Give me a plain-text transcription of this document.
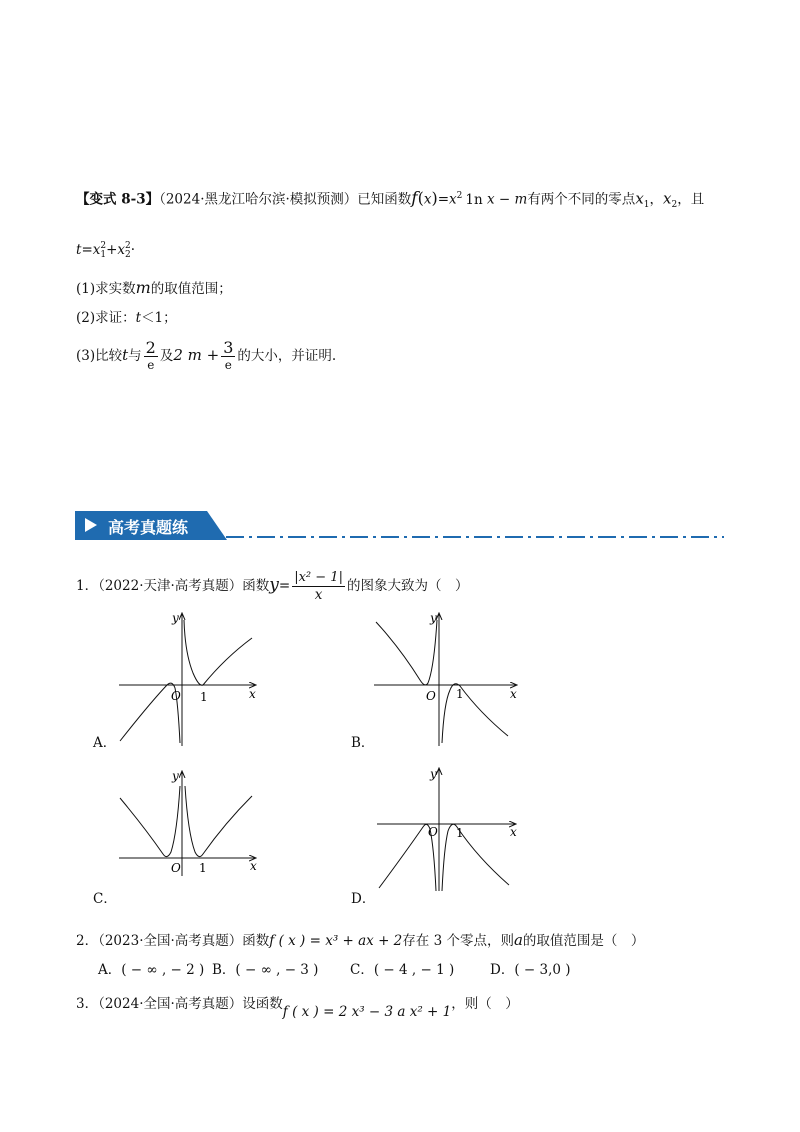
【变式 8-3】（2024·黑龙江哈尔滨·模拟预测）已知函数$f(x)=x^2$ 1n x − m有两个不同的零点$x_1$，$x_2$，且
t=x 2
1 +x 2
2 ·
(1)求实数m的取值范围；
(2)求证：t＜1；
(3)比较t与 $\frac{2}{e}$ 及2 $m + \frac{3}{e}$ 的大小，并证明.
高考真题练
1．（2022·天津·高考真题）函数$y= \frac{\text{|x² − 1|}}{x}$ 的图象大致为（　）
O 1
y
x
A．
O 1
y
x
B．
O 1
y
x
C．
O 1
y
x
D．
2．（2023·全国·高考真题）函数f ( x ) = x³ + ax + 2存在 3 个零点，则a的取值范围是（　）
A．( − ∞ , − 2 ) B．( − ∞ , − 3 ) C．( − 4 , − 1 )	D．( − 3,0 )
3．（2024·全国·高考真题）设函数f ( x ) = 2 x³ − 3 a x² + 1，则（　）
